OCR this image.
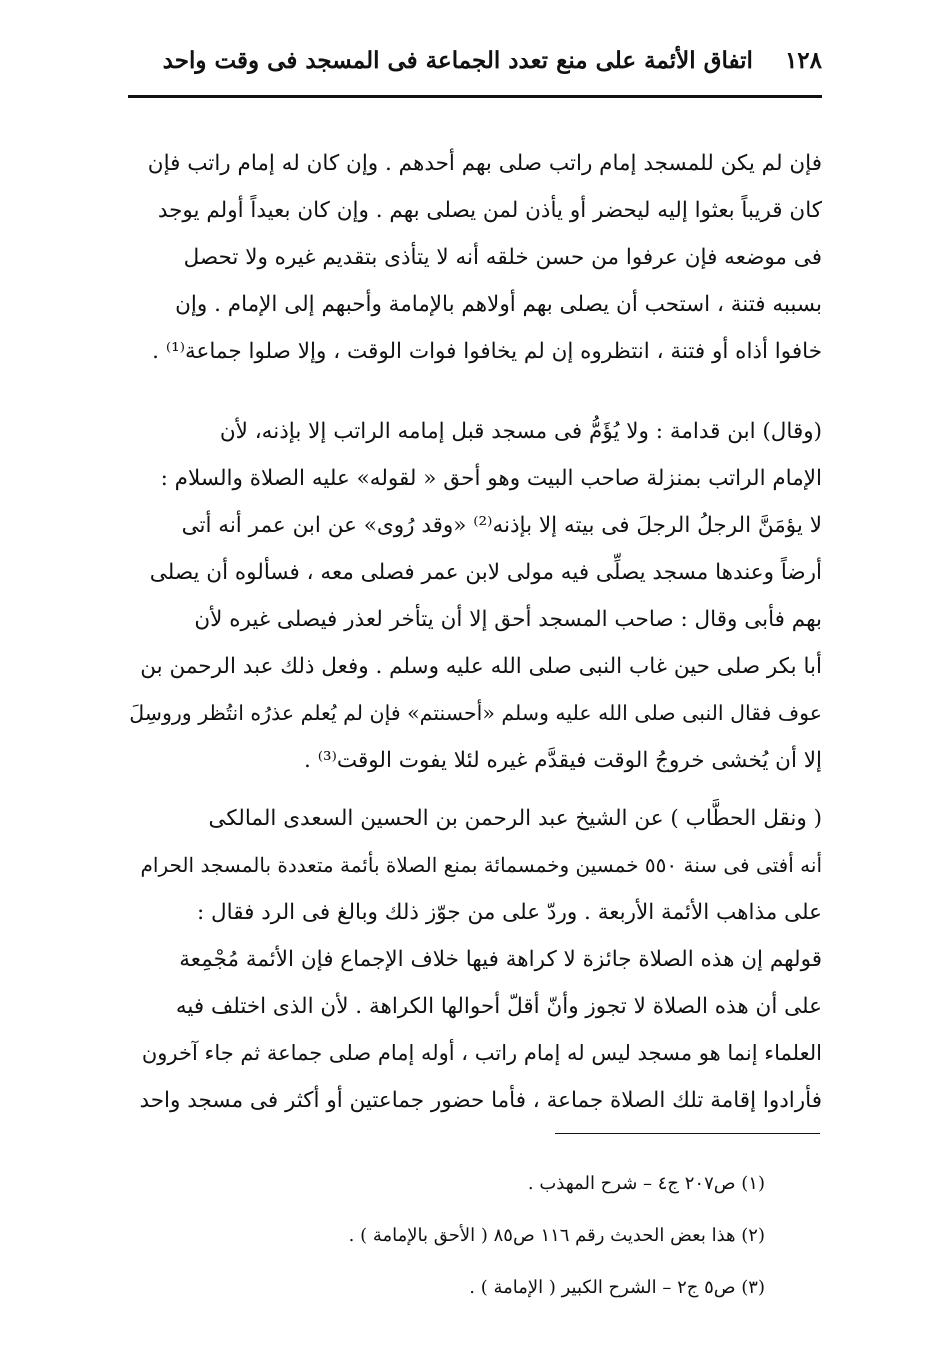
١٢٨
اتفاق الأئمة على منع تعدد الجماعة فى المسجد فى وقت واحد

فإن لم يكن للمسجد إمام راتب صلى بهم أحدهم . وإن كان له إمام راتب فإن

كان قريباً بعثوا إليه ليحضر أو يأذن لمن يصلى بهم . وإن كان بعيداً أولم يوجد

فى موضعه فإن عرفوا من حسن خلقه أنه لا يتأذى بتقديم غيره ولا تحصل

بسببه فتنة ، استحب أن يصلى بهم أولاهم بالإمامة وأحبهم إلى الإمام . وإن

خافوا أذاه أو فتنة ، انتظروه إن لم يخافوا فوات الوقت ، وإلا صلوا جماعة⁽¹⁾ .

(وقال) ابن قدامة : ولا يُؤَمُّ فى مسجد قبل إمامه الراتب إلا بإذنه، لأن

الإمام الراتب بمنزلة صاحب البيت وهو أحق « لقوله» عليه الصلاة والسلام :

لا يؤمَنَّ الرجلُ الرجلَ فى بيته إلا بإذنه⁽²⁾ «وقد رُوى» عن ابن عمر أنه أتى

أرضاً وعندها مسجد يصلِّى فيه مولى لابن عمر فصلى معه ، فسألوه أن يصلى

بهم فأبى وقال : صاحب المسجد أحق إلا أن يتأخر لعذر فيصلى غيره لأن

أبا بكر صلى حين غاب النبى صلى الله عليه وسلم . وفعل ذلك عبد الرحمن بن

عوف فقال النبى صلى الله عليه وسلم «أحسنتم» فإن لم يُعلم عذرُه انتُظر وروسِلَ

إلا أن يُخشى خروجُ الوقت فيقدَّم غيره لئلا يفوت الوقت⁽³⁾ .

( ونقل الحطَّاب ) عن الشيخ عبد الرحمن بن الحسين السعدى المالكى

أنه أفتى فى سنة ٥٥٠ خمسين وخمسمائة بمنع الصلاة بأئمة متعددة بالمسجد الحرام

على مذاهب الأئمة الأربعة . وردّ على من جوّز ذلك وبالغ فى الرد فقال :

قولهم إن هذه الصلاة جائزة لا كراهة فيها خلاف الإجماع فإن الأئمة مُجْمِعة

على أن هذه الصلاة لا تجوز وأنّ أقلّ أحوالها الكراهة . لأن الذى اختلف فيه

العلماء إنما هو مسجد ليس له إمام راتب ، أوله إمام صلى جماعة ثم جاء آخرون

فأرادوا إقامة تلك الصلاة جماعة ، فأما حضور جماعتين أو أكثر فى مسجد واحد

(١) ص٢٠٧ ج٤ – شرح المهذب .

(٢) هذا بعض الحديث رقم ١١٦ ص٨٥ ( الأحق بالإمامة ) .

(٣) ص٥ ج٢ – الشرح الكبير ( الإمامة ) .
